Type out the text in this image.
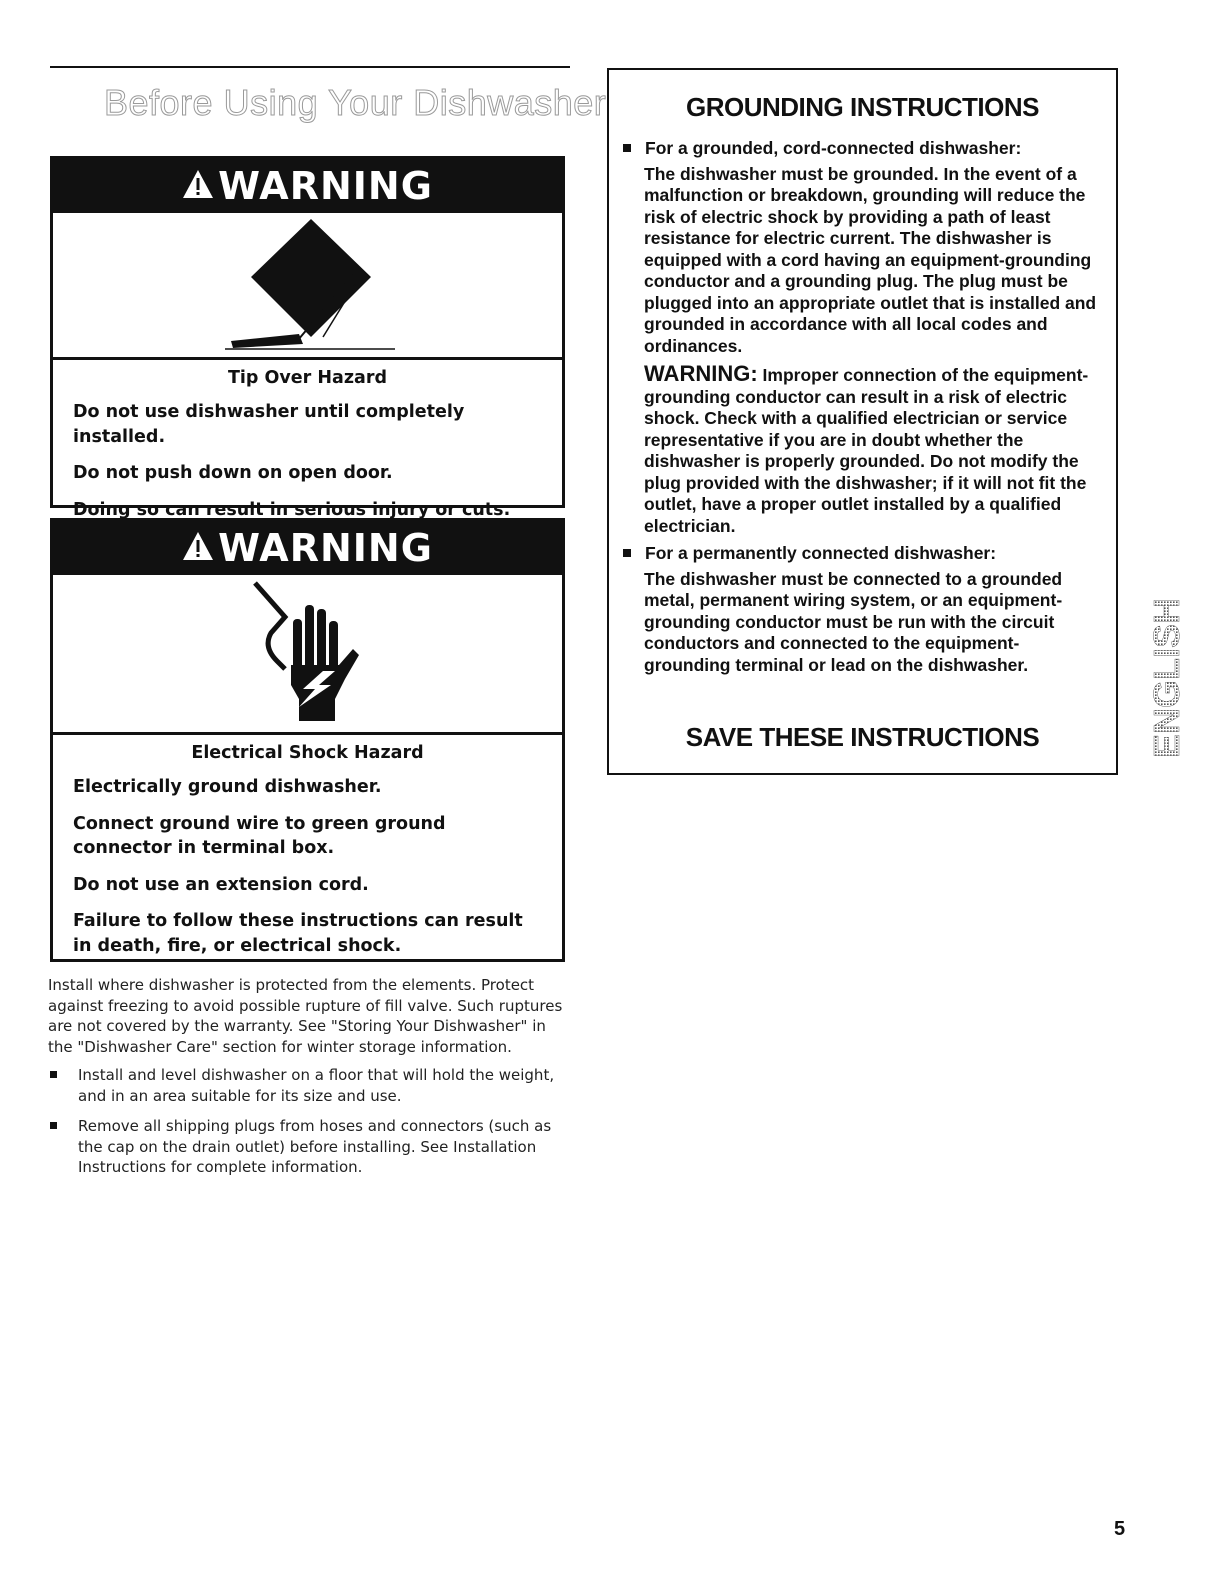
Before Using Your Dishwasher
WARNING
Tip Over Hazard

Do not use dishwasher until completely installed.

Do not push down on open door.

Doing so can result in serious injury or cuts.

WARNING
Electrical Shock Hazard

Electrically ground dishwasher.

Connect ground wire to green ground connector in terminal box.

Do not use an extension cord.

Failure to follow these instructions can result in death, fire, or electrical shock.

Install where dishwasher is protected from the elements. Protect against freezing to avoid possible rupture of fill valve. Such ruptures are not covered by the warranty. See "Storing Your Dishwasher" in the "Dishwasher Care" section for winter storage information.

Install and level dishwasher on a floor that will hold the weight, and in an area suitable for its size and use.
Remove all shipping plugs from hoses and connectors (such as the cap on the drain outlet) before installing. See Installation Instructions for complete information.
GROUNDING INSTRUCTIONS
For a grounded, cord-connected dishwasher:

The dishwasher must be grounded. In the event of a malfunction or breakdown, grounding will reduce the risk of electric shock by providing a path of least resistance for electric current. The dishwasher is equipped with a cord having an equipment-grounding conductor and a grounding plug. The plug must be plugged into an appropriate outlet that is installed and grounded in accordance with all local codes and ordinances.

WARNING: Improper connection of the equipment-grounding conductor can result in a risk of electric shock. Check with a qualified electrician or service representative if you are in doubt whether the dishwasher is properly grounded. Do not modify the plug provided with the dishwasher; if it will not fit the outlet, have a proper outlet installed by a qualified electrician.

For a permanently connected dishwasher:

The dishwasher must be connected to a grounded metal, permanent wiring system, or an equipment-grounding conductor must be run with the circuit conductors and connected to the equipment-grounding terminal or lead on the dishwasher.

SAVE THESE INSTRUCTIONS	ENGLISH
5
